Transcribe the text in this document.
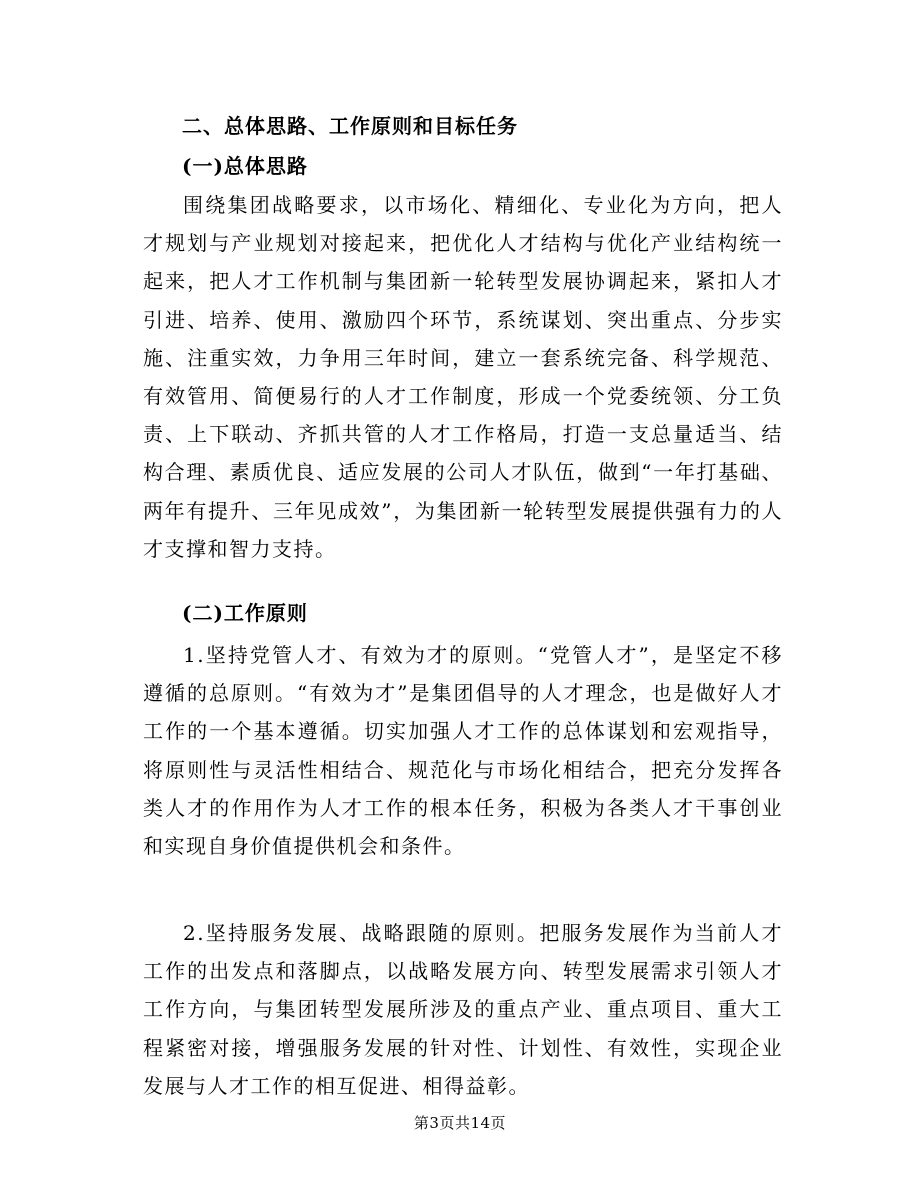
二、总体思路、工作原则和目标任务
(一)总体思路

围绕集团战略要求，以市场化、精细化、专业化为方向，把人才规划与产业规划对接起来，把优化人才结构与优化产业结构统一起来，把人才工作机制与集团新一轮转型发展协调起来，紧扣人才引进、培养、使用、激励四个环节，系统谋划、突出重点、分步实施、注重实效，力争用三年时间，建立一套系统完备、科学规范、有效管用、简便易行的人才工作制度，形成一个党委统领、分工负责、上下联动、齐抓共管的人才工作格局，打造一支总量适当、结构合理、素质优良、适应发展的公司人才队伍，做到“一年打基础、两年有提升、三年见成效”，为集团新一轮转型发展提供强有力的人才支撑和智力支持。

(二)工作原则

1.坚持党管人才、有效为才的原则。“党管人才”，是坚定不移遵循的总原则。“有效为才”是集团倡导的人才理念，也是做好人才工作的一个基本遵循。切实加强人才工作的总体谋划和宏观指导，将原则性与灵活性相结合、规范化与市场化相结合，把充分发挥各类人才的作用作为人才工作的根本任务，积极为各类人才干事创业和实现自身价值提供机会和条件。

2.坚持服务发展、战略跟随的原则。把服务发展作为当前人才工作的出发点和落脚点，以战略发展方向、转型发展需求引领人才工作方向，与集团转型发展所涉及的重点产业、重点项目、重大工程紧密对接，增强服务发展的针对性、计划性、有效性，实现企业发展与人才工作的相互促进、相得益彰。

第3页共14页
